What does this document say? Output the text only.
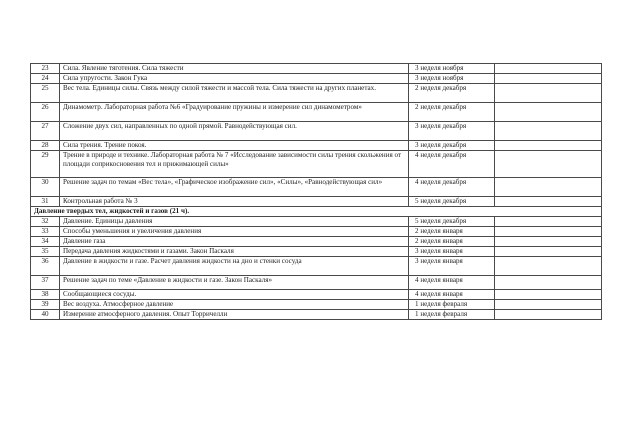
23	Сила. Явление тяготения. Сила тяжести	3 неделя ноября	
24	Сила упругости. Закон Гука	3 неделя ноября	
25	Вес тела. Единицы силы. Связь между силой тяжести и массой тела. Сила тяжести на других планетах.	2 неделя декабря	
26	Динамометр. Лабораторная работа №6 «Градуирование пружины и измерение сил динамометром»	2 неделя декабря	
27	Сложение двух сил, направленных по одной прямой. Равнодействующая сил.	3 неделя декабря	
28	Сила трения. Трение покоя.	3 неделя декабря	
29	Трение в природе и технике. Лабораторная работа № 7 «Исследование зависимости силы трения скольжения от площади соприкосновения тел и прижимающей силы»	4 неделя декабря	
30	Решение задач по темам «Вес тела», «Графическое изображение сил», «Силы», «Равнодействующая сил»	4 неделя декабря	
31	Контрольная работа № 3	5 неделя декабря	
Давление твердых тел, жидкостей и газов (21 ч).			
32	Давление. Единицы давления	5 неделя декабря	
33	Способы уменьшения и увеличения давления	2 неделя января	
34	Давление газа	2 неделя января	
35	Передача давления жидкостями и газами. Закон Паскаля	3 неделя января	
36	Давление в жидкости и газе. Расчет давления жидкости на дно и стенки сосуда	3 неделя января	
37	Решение задач по теме «Давление в жидкости и газе. Закон Паскаля»	4 неделя января	
38	Сообщающиеся сосуды.	4 неделя января	
39	Вес воздуха. Атмосферное давление	1 неделя февраля	
40	Измерение атмосферного давления. Опыт Торричелли	1 неделя февраля	
